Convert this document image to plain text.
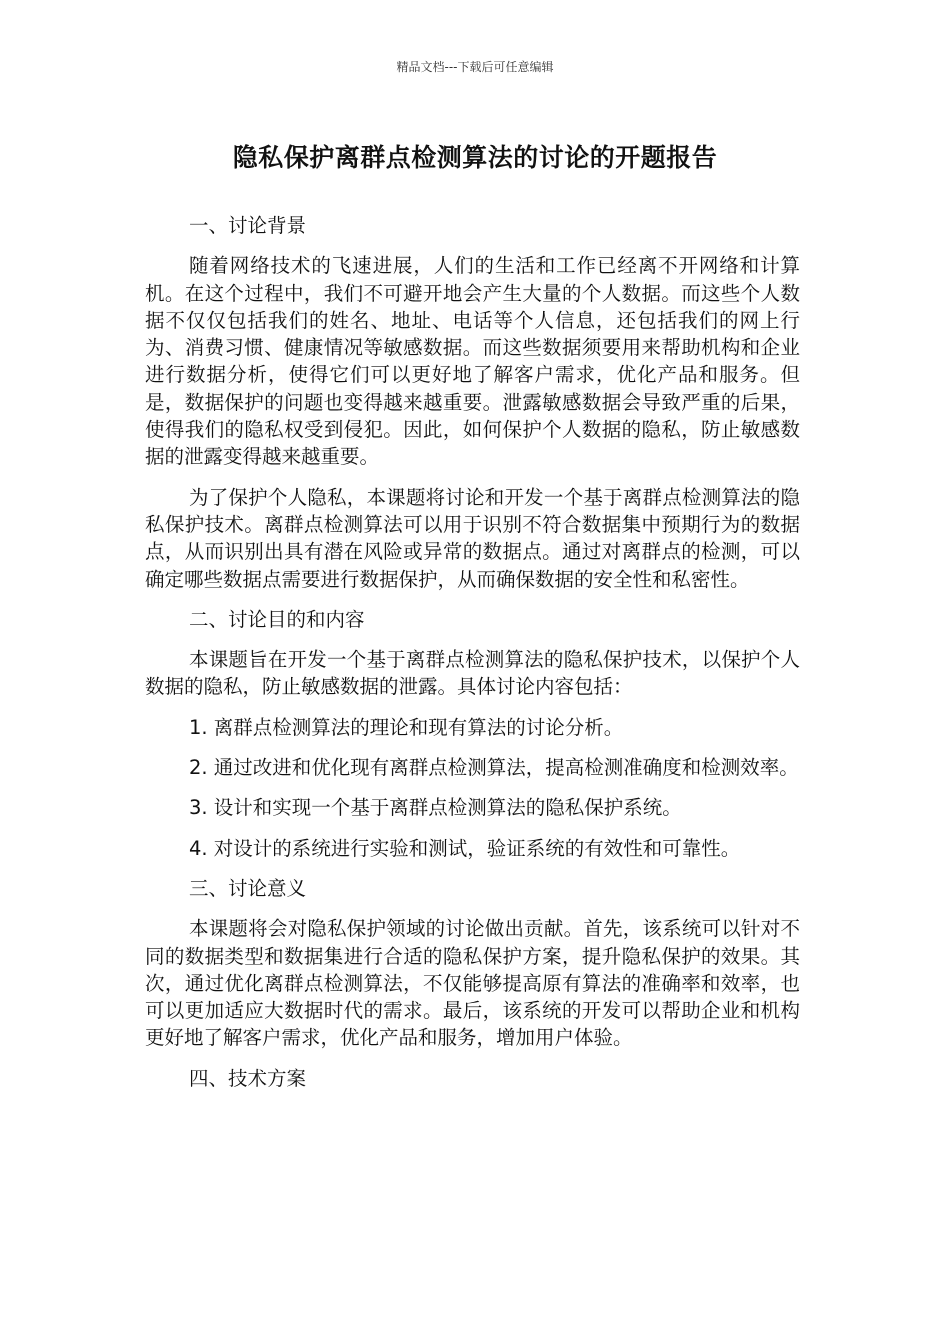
精品文档---下载后可任意编辑
隐私保护离群点检测算法的讨论的开题报告

一、讨论背景

随着网络技术的飞速进展，人们的生活和工作已经离不开网络和计算机。在这个过程中，我们不可避开地会产生大量的个人数据。而这些个人数据不仅仅包括我们的姓名、地址、电话等个人信息，还包括我们的网上行为、消费习惯、健康情况等敏感数据。而这些数据须要用来帮助机构和企业进行数据分析，使得它们可以更好地了解客户需求，优化产品和服务。但是，数据保护的问题也变得越来越重要。泄露敏感数据会导致严重的后果，使得我们的隐私权受到侵犯。因此，如何保护个人数据的隐私，防止敏感数据的泄露变得越来越重要。

为了保护个人隐私，本课题将讨论和开发一个基于离群点检测算法的隐私保护技术。离群点检测算法可以用于识别不符合数据集中预期行为的数据点，从而识别出具有潜在风险或异常的数据点。通过对离群点的检测，可以确定哪些数据点需要进行数据保护，从而确保数据的安全性和私密性。

二、讨论目的和内容

本课题旨在开发一个基于离群点检测算法的隐私保护技术，以保护个人数据的隐私，防止敏感数据的泄露。具体讨论内容包括：

1. 离群点检测算法的理论和现有算法的讨论分析。

2. 通过改进和优化现有离群点检测算法，提高检测准确度和检测效率。

3. 设计和实现一个基于离群点检测算法的隐私保护系统。

4. 对设计的系统进行实验和测试，验证系统的有效性和可靠性。

三、讨论意义

本课题将会对隐私保护领域的讨论做出贡献。首先，该系统可以针对不同的数据类型和数据集进行合适的隐私保护方案，提升隐私保护的效果。其次，通过优化离群点检测算法，不仅能够提高原有算法的准确率和效率，也可以更加适应大数据时代的需求。最后，该系统的开发可以帮助企业和机构更好地了解客户需求，优化产品和服务，增加用户体验。

四、技术方案
